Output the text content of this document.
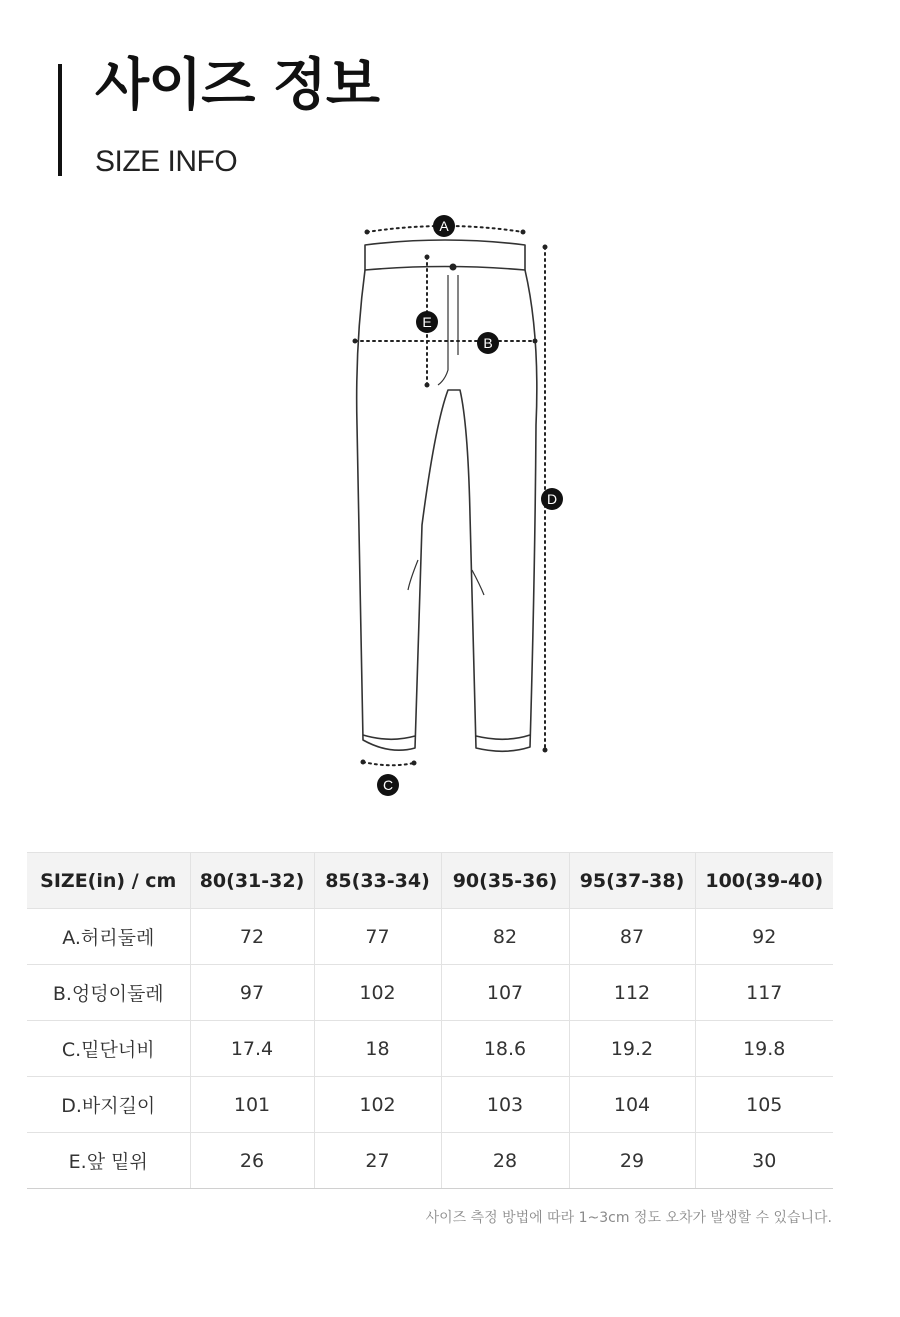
사이즈 정보
SIZE INFO
A
B
C
D
E
SIZE(in) / cm	80(31-32)	85(33-34)	90(35-36)	95(37-38)	100(39-40)
A.허리둘레	72	77	82	87	92
B.엉덩이둘레	97	102	107	112	117
C.밑단너비	17.4	18	18.6	19.2	19.8
D.바지길이	101	102	103	104	105
E.앞 밑위	26	27	28	29	30
사이즈 측정 방법에 따라 1~3cm 정도 오차가 발생할 수 있습니다.
